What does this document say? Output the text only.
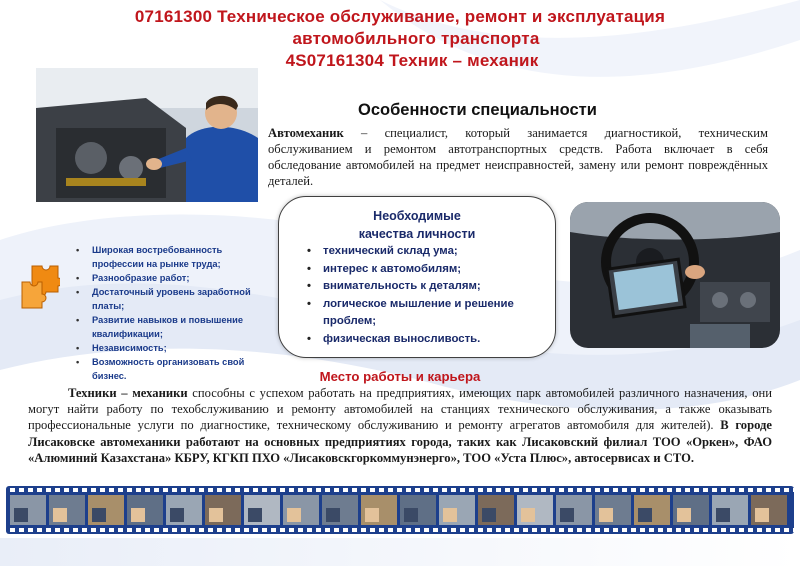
07161300 Техническое обслуживание, ремонт и эксплуатация
автомобильного транспорта
4S07161304 Техник – механик
Особенности специальности
Автомеханик – специалист, который занимается диагностикой, техническим обслуживанием и ремонтом автотранспортных средств. Работа включает в себя обследование автомобилей на предмет неисправностей, замену или ремонт повреждённых деталей.
• Широкая востребованность профессии на рынке труда;
• Разнообразие работ;
• Достаточный уровень заработной платы;
• Развитие навыков и повышение квалификации;
• Независимость;
• Возможность организовать свой бизнес.
Необходимые
качества личности
• технический склад ума;
• интерес к автомобилям;
• внимательность к деталям;
• логическое мышление и решение проблем;
• физическая выносливость.
Место работы и карьера
Техники – механики способны с успехом работать на предприятиях, имеющих парк автомобилей различного назначения, они могут найти работу по техобслуживанию и ремонту автомобилей на станциях технического обслуживания, а также оказывать профессиональные услуги по диагностике, техническому обслуживанию и ремонту агрегатов автомобиля для жителей). В городе Лисаковске автомеханики работают на основных предприятиях города, таких как Лисаковский филиал ТОО «Оркен», ФАО «Алюминий Казахстана» КБРУ, КГКП ПХО «Лисаковскгоркоммунэнерго», ТОО «Уста Плюс», автосервисах и СТО.
